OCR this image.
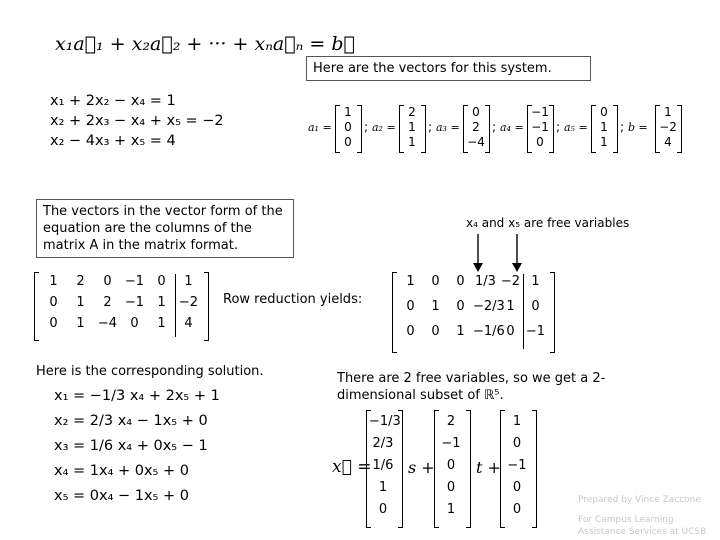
x₁a⃗₁ + x₂a⃗₂ + ··· + xₙa⃗ₙ = b⃗
Here are the vectors for this system.
x₁ + 2x₂ − x₄ = 1
x₂ + 2x₃ − x₄ + x₅ = −2
x₂ − 4x₃ + x₅ = 4
a₁ =
1
0
0
; a₂ =
2
1
1
; a₃ =
0
2
−4
; a₄ =
−1
−1
0
; a₅ =
0
1
1
; b =
1
−2
4
The vectors in the vector form of the equation are the columns of the matrix A in the matrix format.
x₄ and x₅ are free variables
1	2	0	−1	0	1
0	1	2	−1	1	−2
0	1	−4	0	1	4
Row reduction yields:
1	0	0 1/3 −2 1
0	1	0 −2/3 1	0
0	0	1 −1/6 0 −1
Here is the corresponding solution.
x₁ = −1/3 x₄ + 2x₅ + 1
x₂ = 2/3 x₄ − 1x₅ + 0
x₃ = 1/6 x₄ + 0x₅ − 1
x₄ = 1x₄ + 0x₅ + 0
x₅ = 0x₄ − 1x₅ + 0
There are 2 free variables, so we get a 2-dimensional subset of ℝ⁵.
x⃗ =
−1/3
2/3
1/6
1
0
s +
2
−1
0
0
1
t +
1
0
−1
0
0
Prepared by Vince Zaccone
For Campus Learning Assistance Services at UCSB
